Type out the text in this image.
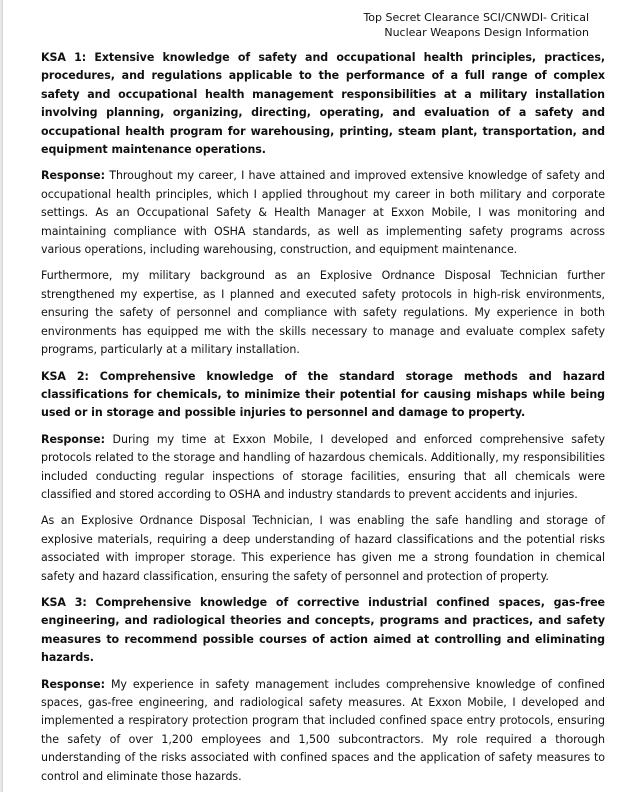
Top Secret Clearance SCI/CNWDI- Critical
Nuclear Weapons Design Information

KSA 1: Extensive knowledge of safety and occupational health principles, practices, procedures, and regulations applicable to the performance of a full range of complex safety and occupational health management responsibilities at a military installation involving planning, organizing, directing, operating, and evaluation of a safety and occupational health program for warehousing, printing, steam plant, transportation, and equipment maintenance operations.

Response: Throughout my career, I have attained and improved extensive knowledge of safety and occupational health principles, which I applied throughout my career in both military and corporate settings. As an Occupational Safety & Health Manager at Exxon Mobile, I was monitoring and maintaining compliance with OSHA standards, as well as implementing safety programs across various operations, including warehousing, construction, and equipment maintenance.

Furthermore, my military background as an Explosive Ordnance Disposal Technician further strengthened my expertise, as I planned and executed safety protocols in high-risk environments, ensuring the safety of personnel and compliance with safety regulations. My experience in both environments has equipped me with the skills necessary to manage and evaluate complex safety programs, particularly at a military installation.

KSA 2: Comprehensive knowledge of the standard storage methods and hazard classifications for chemicals, to minimize their potential for causing mishaps while being used or in storage and possible injuries to personnel and damage to property.

Response: During my time at Exxon Mobile, I developed and enforced comprehensive safety protocols related to the storage and handling of hazardous chemicals. Additionally, my responsibilities included conducting regular inspections of storage facilities, ensuring that all chemicals were classified and stored according to OSHA and industry standards to prevent accidents and injuries.

As an Explosive Ordnance Disposal Technician, I was enabling the safe handling and storage of explosive materials, requiring a deep understanding of hazard classifications and the potential risks associated with improper storage. This experience has given me a strong foundation in chemical safety and hazard classification, ensuring the safety of personnel and protection of property.

KSA 3: Comprehensive knowledge of corrective industrial confined spaces, gas-free engineering, and radiological theories and concepts, programs and practices, and safety measures to recommend possible courses of action aimed at controlling and eliminating hazards.

Response: My experience in safety management includes comprehensive knowledge of confined spaces, gas-free engineering, and radiological safety measures. At Exxon Mobile, I developed and implemented a respiratory protection program that included confined space entry protocols, ensuring the safety of over 1,200 employees and 1,500 subcontractors. My role required a thorough understanding of the risks associated with confined spaces and the application of safety measures to control and eliminate those hazards.
